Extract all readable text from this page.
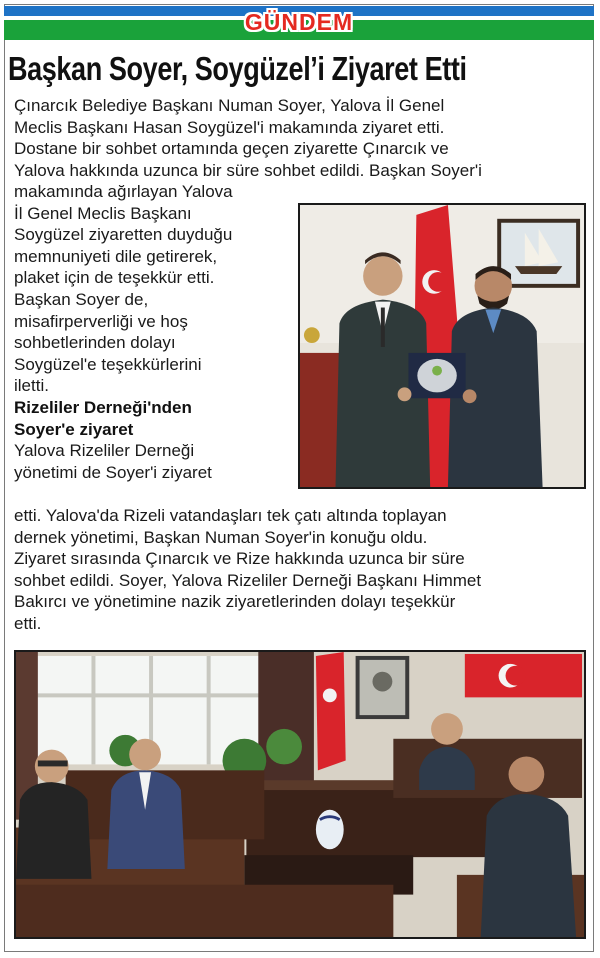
GÜNDEM
Başkan Soyer, Soygüzel’i Ziyaret Etti
Çınarcık Belediye Başkanı Numan Soyer, Yalova İl Genel
Meclis Başkanı Hasan Soygüzel'i makamında ziyaret etti.
Dostane bir sohbet ortamında geçen ziyarette Çınarcık ve
Yalova hakkında uzunca bir süre sohbet edildi. Başkan Soyer'i
makamında ağırlayan Yalova
İl Genel Meclis Başkanı
Soygüzel ziyaretten duyduğu
memnuniyeti dile getirerek,
plaket için de teşekkür etti.
Başkan Soyer de,
misafirperverliği ve hoş
sohbetlerinden dolayı
Soygüzel'e teşekkürlerini
iletti.
Rizeliler Derneği'nden
Soyer'e ziyaret
Yalova Rizeliler Derneği
yönetimi de Soyer'i ziyaret
etti. Yalova'da Rizeli vatandaşları tek çatı altında toplayan
dernek yönetimi, Başkan Numan Soyer'in konuğu oldu.
Ziyaret sırasında Çınarcık ve Rize hakkında uzunca bir süre
sohbet edildi. Soyer, Yalova Rizeliler Derneği Başkanı Himmet
Bakırcı ve yönetimine nazik ziyaretlerinden dolayı teşekkür
etti.
